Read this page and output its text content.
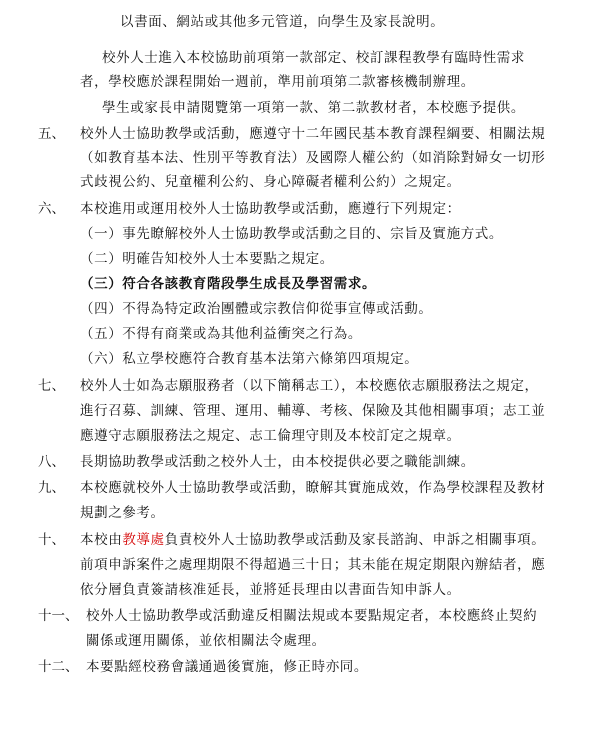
以書面、網站或其他多元管道，向學生及家長說明。
校外人士進入本校協助前項第一款部定、校訂課程教學有臨時性需求
者，學校應於課程開始一週前，準用前項第二款審核機制辦理。
學生或家長申請閱覽第一項第一款、第二款教材者，本校應予提供。
五、 校外人士協助教學或活動，應遵守十二年國民基本教育課程綱要、相關法規
（如教育基本法、性別平等教育法）及國際人權公約（如消除對婦女一切形
式歧視公約、兒童權利公約、身心障礙者權利公約）之規定。
六、 本校進用或運用校外人士協助教學或活動，應遵行下列規定：
（一）事先瞭解校外人士協助教學或活動之目的、宗旨及實施方式。
（二）明確告知校外人士本要點之規定。
（三）符合各該教育階段學生成長及學習需求。
（四）不得為特定政治團體或宗教信仰從事宣傳或活動。
（五）不得有商業或為其他利益衝突之行為。
（六）私立學校應符合教育基本法第六條第四項規定。
七、 校外人士如為志願服務者（以下簡稱志工），本校應依志願服務法之規定，
進行召募、訓練、管理、運用、輔導、考核、保險及其他相關事項；志工並
應遵守志願服務法之規定、志工倫理守則及本校訂定之規章。
八、 長期協助教學或活動之校外人士，由本校提供必要之職能訓練。
九、 本校應就校外人士協助教學或活動，瞭解其實施成效，作為學校課程及教材
規劃之參考。
十、 本校由教導處負責校外人士協助教學或活動及家長諮詢、申訴之相關事項。
前項申訴案件之處理期限不得超過三十日；其未能在規定期限內辦結者，應
依分層負責簽請核准延長，並將延長理由以書面告知申訴人。
十一、 校外人士協助教學或活動違反相關法規或本要點規定者，本校應終止契約
關係或運用關係，並依相關法令處理。
十二、 本要點經校務會議通過後實施，修正時亦同。
